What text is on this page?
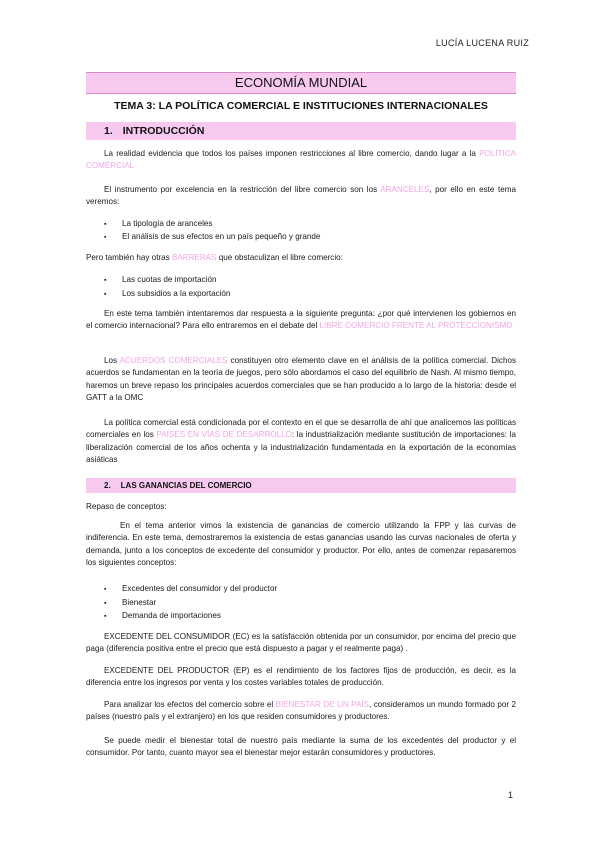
LUCÍA LUCENA RUIZ
ECONOMÍA MUNDIAL
TEMA 3: LA POLÍTICA COMERCIAL E INSTITUCIONES INTERNACIONALES
1. INTRODUCCIÓN
La realidad evidencia que todos los países imponen restricciones al libre comercio, dando lugar a la POLÍTICA COMERCIAL
El instrumento por excelencia en la restricción del libre comercio son los ARANCELES, por ello en este tema veremos:
▪ La tipología de aranceles
▪ El análisis de sus efectos en un país pequeño y grande
Pero también hay otras BARRERAS que obstaculizan el libre comercio:
▪ Las cuotas de importación
▪ Los subsidios a la exportación
En este tema también intentaremos dar respuesta a la siguiente pregunta: ¿por qué intervienen los gobiernos en el comercio internacional? Para ello entraremos en el debate del LIBRE COMERCIO FRENTE AL PROTECCIONISMO
Los ACUERDOS COMERCIALES constituyen otro elemento clave en el análisis de la política comercial. Dichos acuerdos se fundamentan en la teoría de juegos, pero sólo abordamos el caso del equilibrio de Nash. Al mismo tiempo, haremos un breve repaso los principales acuerdos comerciales que se han producido a lo largo de la historia: desde el GATT a la OMC
La política comercial está condicionada por el contexto en el que se desarrolla de ahí que analicemos las políticas comerciales en los PAÍSES EN VÍAS DE DESARROLLO: la industrialización mediante sustitución de importaciones: la liberalización comercial de los años ochenta y la industrialización fundamentada en la exportación de la economías asiáticas
2. LAS GANANCIAS DEL COMERCIO
Repaso de conceptos:
En el tema anterior vimos la existencia de ganancias de comercio utilizando la FPP y las curvas de indiferencia. En este tema, demostraremos la existencia de estas ganancias usando las curvas nacionales de oferta y demanda, junto a los conceptos de excedente del consumidor y productor. Por ello, antes de comenzar repasaremos los siguientes conceptos:
▪ Excedentes del consumidor y del productor
▪ Bienestar
▪ Demanda de importaciones
EXCEDENTE DEL CONSUMIDOR (EC) es la satisfacción obtenida por un consumidor, por encima del precio que paga (diferencia positiva entre el precio que está dispuesto a pagar y el realmente paga) .
EXCEDENTE DEL PRODUCTOR (EP) es el rendimiento de los factores fijos de producción, es decir, es la diferencia entre los ingresos por venta y los costes variables totales de producción.
Para analizar los efectos del comercio sobre el BIENESTAR DE UN PAÍS, consideramos un mundo formado por 2 países (nuestro país y el extranjero) en los que residen consumidores y productores.
Se puede medir el bienestar total de nuestro país mediante la suma de los excedentes del productor y el consumidor. Por tanto, cuanto mayor sea el bienestar mejor estarán consumidores y productores.
1
